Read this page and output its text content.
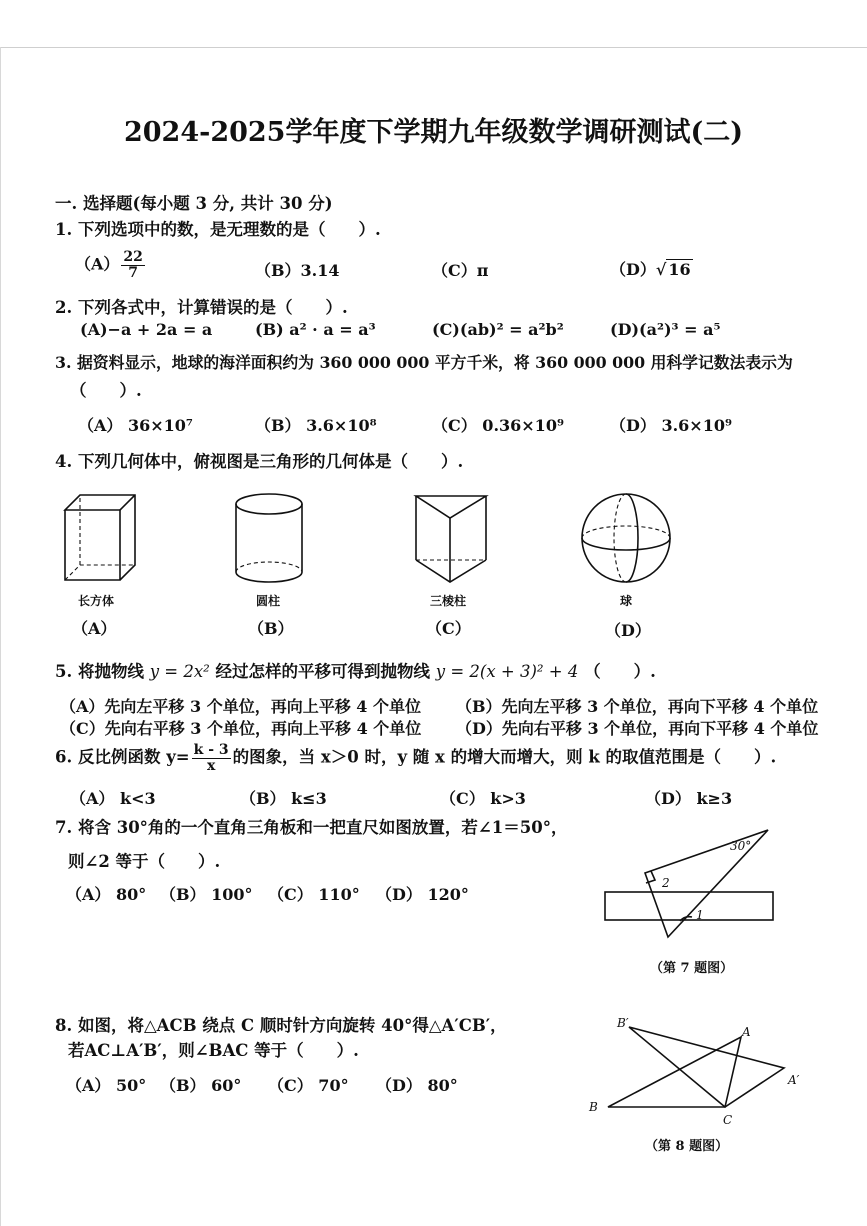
2024-2025学年度下学期九年级数学调研测试(二)
一. 选择题(每小题 3 分, 共计 30 分)
1. 下列选项中的数，是无理数的是（　　）.
$(A) \frac{22}{7}$	（B）3.14	（C）π	（D）√ 16
2. 下列各式中，计算错误的是（　　）.
(A)−a + 2a = a	(B) a² · a = a³	(C)(ab)² = a²b²	(D)(a²)³ = a⁵
3. 据资料显示，地球的海洋面积约为 360 000 000 平方千米，将 360 000 000 用科学记数法表示为
（　　）.
（A） 36×10⁷	（B） 3.6×10⁸	（C） 0.36×10⁹	（D） 3.6×10⁹
4. 下列几何体中，俯视图是三角形的几何体是（　　）.
长方体	圆柱	三棱柱	球
（A）	（B）	（C）	（D）
5. 将抛物线 y = 2x² 经过怎样的平移可得到抛物线 y = 2(x + 3)² + 4 （　　）.
（A）先向左平移 3 个单位，再向上平移 4 个单位 （B）先向左平移 3 个单位，再向下平移 4 个单位
（C）先向右平移 3 个单位，再向上平移 4 个单位 （D）先向右平移 3 个单位，再向下平移 4 个单位
6. 反比例函数 $y= \frac{k - 3}{x}$ 的图象，当 x＞0 时，y 随 x 的增大而增大，则 k 的取值范围是（　　）.
（A） k<3	（B） k≤3	（C） k>3	（D） k≥3
7. 将含 30°角的一个直角三角板和一把直尺如图放置，若∠1＝50°，
则∠2 等于（　　）.
（A） 80° （B） 100° （C） 110° （D） 120°
30°
2
1
（第 7 题图）
8. 如图，将△ACB 绕点 C 顺时针方向旋转 40°得△A′CB′，
若AC⊥A′B′，则∠BAC 等于（　　）.
（A） 50° （B） 60° （C） 70° （D） 80°
B′
A
A′
B
C
（第 8 题图）
